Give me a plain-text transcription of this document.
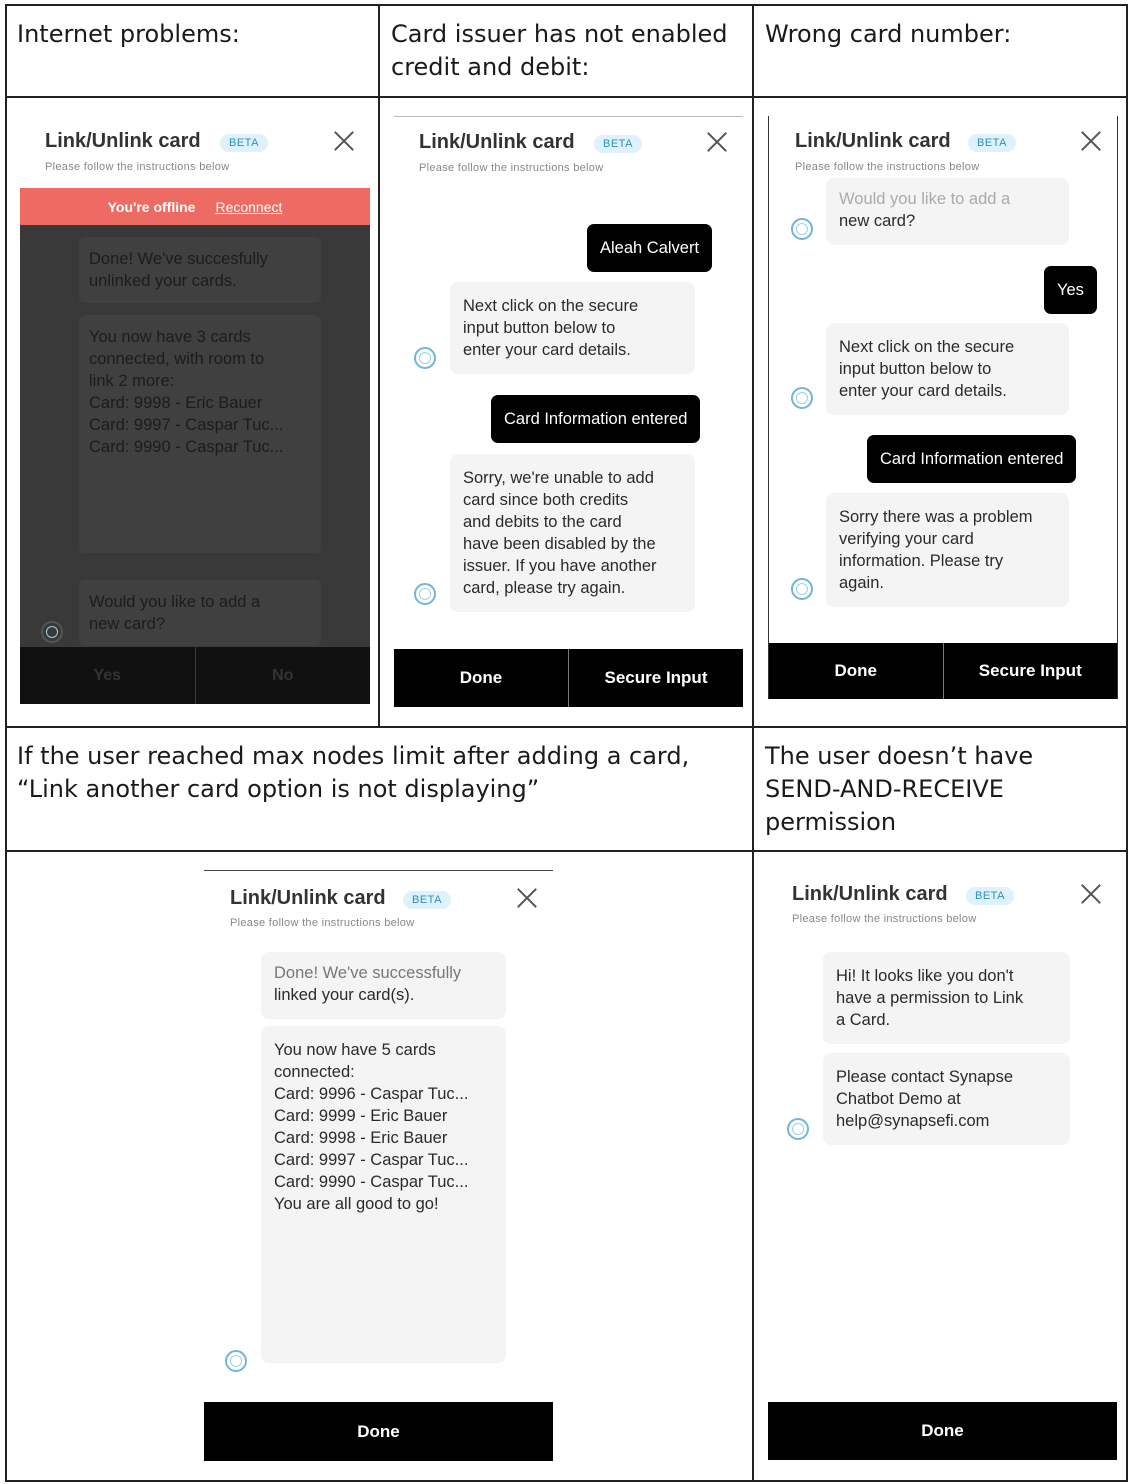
Internet problems:	Card issuer has not enabled
credit and debit:

Wrong card number:

If the user reached max nodes limit after adding a card,
“Link another card option is not displaying”

The user doesn’t have
SEND-AND-RECEIVE
permission

Link/Unlink card	BETA
Please follow the instructions below
You're offline Reconnect
Done! We've succesfully
unlinked your cards.
You now have 3 cards
connected, with room to
link 2 more:
Card: 9998 - Eric Bauer
Card: 9997 - Caspar Tuc...
Card: 9990 - Caspar Tuc...
Would you like to add a
new card?
Yes	No
Link/Unlink card	BETA
Please follow the instructions below
Aleah Calvert
Next click on the secure
input button below to
enter your card details.
Card Information entered
Sorry, we're unable to add
card since both credits
and debits to the card
have been disabled by the
issuer. If you have another
card, please try again.
Done	Secure Input
Link/Unlink card	BETA
Please follow the instructions below
Would you like to add a
new card?
Yes
Next click on the secure
input button below to
enter your card details.
Card Information entered
Sorry there was a problem
verifying your card
information. Please try
again.
Done	Secure Input
Link/Unlink card	BETA
Please follow the instructions below
Done! We've successfully
linked your card(s).
You now have 5 cards
connected:
Card: 9996 - Caspar Tuc...
Card: 9999 - Eric Bauer
Card: 9998 - Eric Bauer
Card: 9997 - Caspar Tuc...
Card: 9990 - Caspar Tuc...
You are all good to go!
Done
Link/Unlink card	BETA
Please follow the instructions below
Hi! It looks like you don't
have a permission to Link
a Card.
Please contact Synapse
Chatbot Demo at
help@synapsefi.com
Done
